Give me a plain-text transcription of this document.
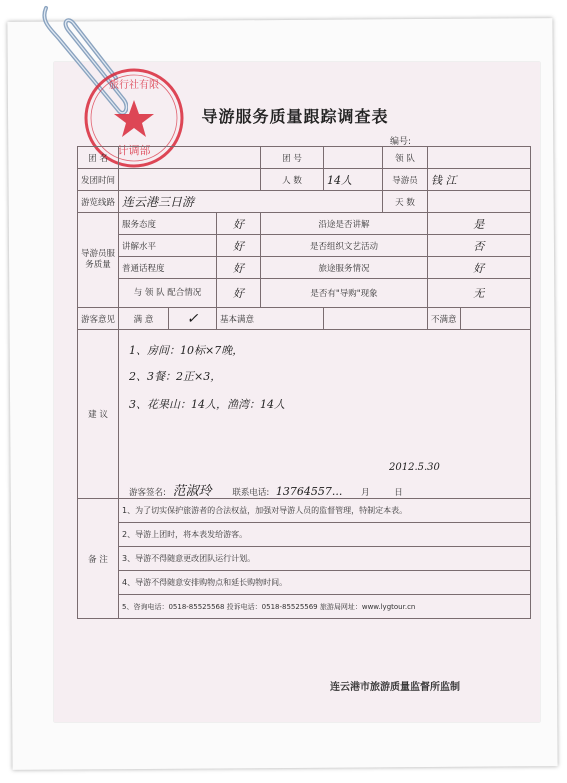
旅行社有限
计调部
导游服务质量跟踪调查表
编号:
团 名				团 号		领 队		
发团时间				人 数	14人	导游员	钱 江	
游览线路	连云港三日游					天 数		
导游员服务质量	服务态度		好	沿途是否讲解			是	
	讲解水平		好	是否组织文艺活动			否	
	普通话程度		好	旅途服务情况			好	
	与 领 队 配合情况		好	是否有"导购"现象			无	
游客意见	满 意	✓	基本满意				不满意	
建 议	1、房间：10标×7晚，
2、3餐：2正×3，
3、花果山：14人，渔湾：14人
2012.5.30
游客签名: 范淑玲 联系电话: 13764557... 月 日							

备 注	1、为了切实保护旅游者的合法权益，加强对导游人员的监督管理，特制定本表。							
	2、导游上团时，将本表发给游客。							
	3、导游不得随意更改团队运行计划。							
	4、导游不得随意安排购物点和延长购物时间。							
	5、咨询电话：0518-85525568 投诉电话：0518-85525569 旅游局网址：www.lygtour.cn							
连云港市旅游质量监督所监制
